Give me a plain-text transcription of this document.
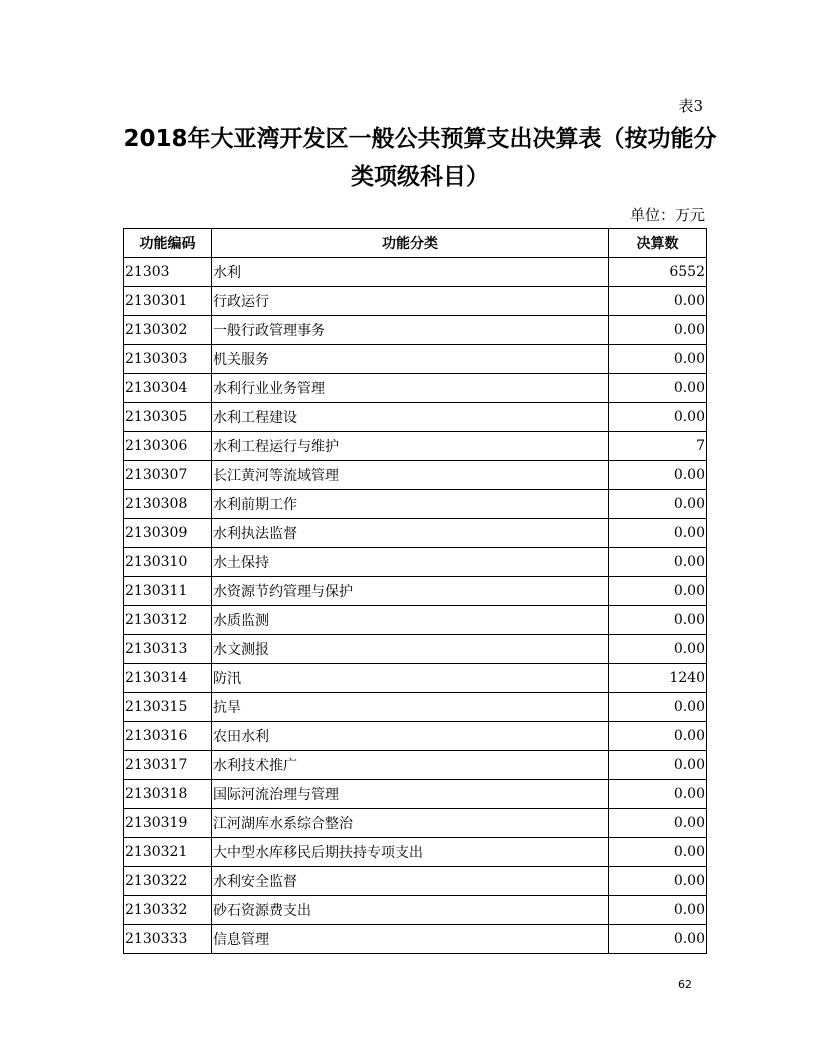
表3
2018年大亚湾开发区一般公共预算支出决算表（按功能分类项级科目）
单位：万元
功能编码	功能分类	决算数
21303	水利	6552
2130301	行政运行	0.00
2130302	一般行政管理事务	0.00
2130303	机关服务	0.00
2130304	水利行业业务管理	0.00
2130305	水利工程建设	0.00
2130306	水利工程运行与维护	7
2130307	长江黄河等流域管理	0.00
2130308	水利前期工作	0.00
2130309	水利执法监督	0.00
2130310	水土保持	0.00
2130311	水资源节约管理与保护	0.00
2130312	水质监测	0.00
2130313	水文测报	0.00
2130314	防汛	1240
2130315	抗旱	0.00
2130316	农田水利	0.00
2130317	水利技术推广	0.00
2130318	国际河流治理与管理	0.00
2130319	江河湖库水系综合整治	0.00
2130321	大中型水库移民后期扶持专项支出	0.00
2130322	水利安全监督	0.00
2130332	砂石资源费支出	0.00
2130333	信息管理	0.00
62
